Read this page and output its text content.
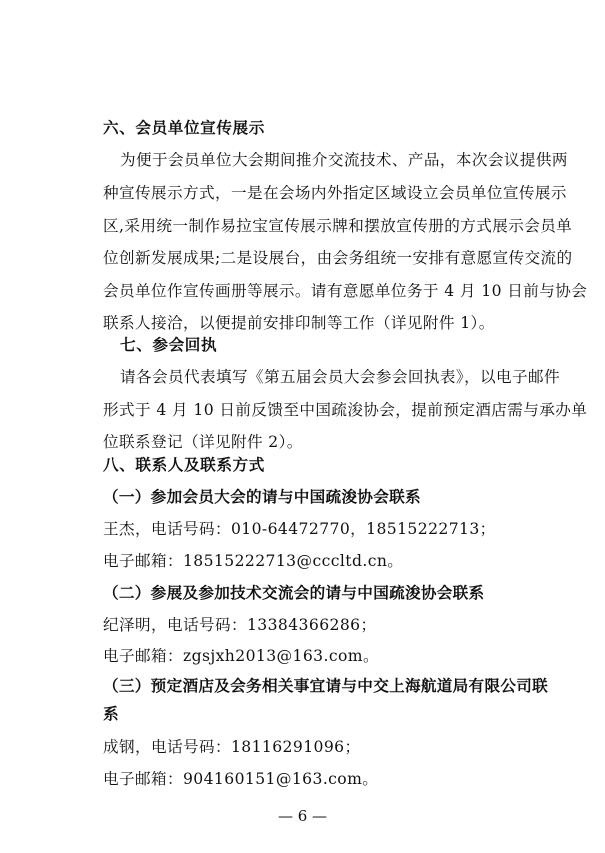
六、会员单位宣传展示
为便于会员单位大会期间推介交流技术、产品，本次会议提供两
种宣传展示方式，一是在会场内外指定区域设立会员单位宣传展示
区,采用统一制作易拉宝宣传展示牌和摆放宣传册的方式展示会员单
位创新发展成果;二是设展台，由会务组统一安排有意愿宣传交流的
会员单位作宣传画册等展示。请有意愿单位务于 4 月 10 日前与协会
联系人接洽，以便提前安排印制等工作（详见附件 1）。
七、参会回执
请各会员代表填写《第五届会员大会参会回执表》，以电子邮件
形式于 4 月 10 日前反馈至中国疏浚协会，提前预定酒店需与承办单
位联系登记（详见附件 2）。
八、联系人及联系方式
（一）参加会员大会的请与中国疏浚协会联系
王杰，电话号码：010-64472770，18515222713；
电子邮箱：18515222713@cccltd.cn。
（二）参展及参加技术交流会的请与中国疏浚协会联系
纪泽明，电话号码：13384366286；
电子邮箱：zgsjxh2013@163.com。
（三）预定酒店及会务相关事宜请与中交上海航道局有限公司联
系
成钢，电话号码：18116291096；
电子邮箱：904160151@163.com。
— 6 —
